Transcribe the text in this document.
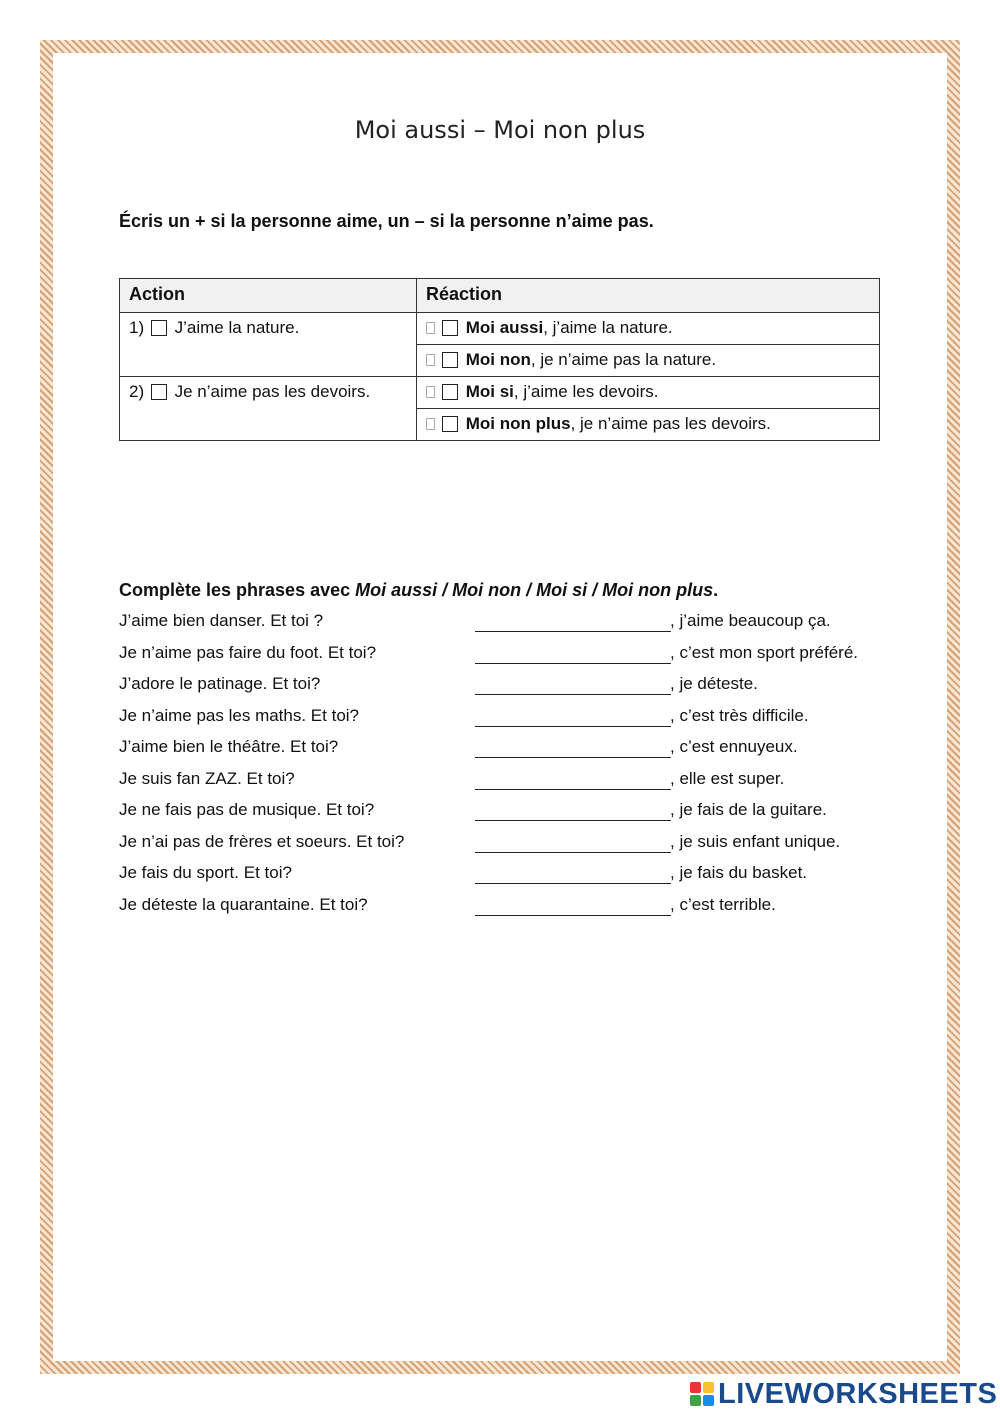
Moi aussi – Moi non plus
Écris un + si la personne aime, un – si la personne n’aime pas.
Action	Réaction
1) J’aime la nature.	Moi aussi, j’aime la nature.
	Moi non, je n’aime pas la nature.
2) Je n’aime pas les devoirs.	Moi si, j’aime les devoirs.
	Moi non plus, je n’aime pas les devoirs.
Complète les phrases avec Moi aussi / Moi non / Moi si / Moi non plus.
J’aime bien danser. Et toi ?	, j’aime beaucoup ça.
Je n’aime pas faire du foot. Et toi?	, c’est mon sport préféré.
J’adore le patinage. Et toi?	, je déteste.
Je n’aime pas les maths. Et toi?	, c’est très difficile.
J’aime bien le théâtre. Et toi?	, c’est ennuyeux.
Je suis fan ZAZ. Et toi?	, elle est super.
Je ne fais pas de musique. Et toi?	, je fais de la guitare.
Je n’ai pas de frères et soeurs. Et toi?	, je suis enfant unique.
Je fais du sport. Et toi?	, je fais du basket.
Je déteste la quarantaine. Et toi?	, c’est terrible.
LIVEWORKSHEETS
